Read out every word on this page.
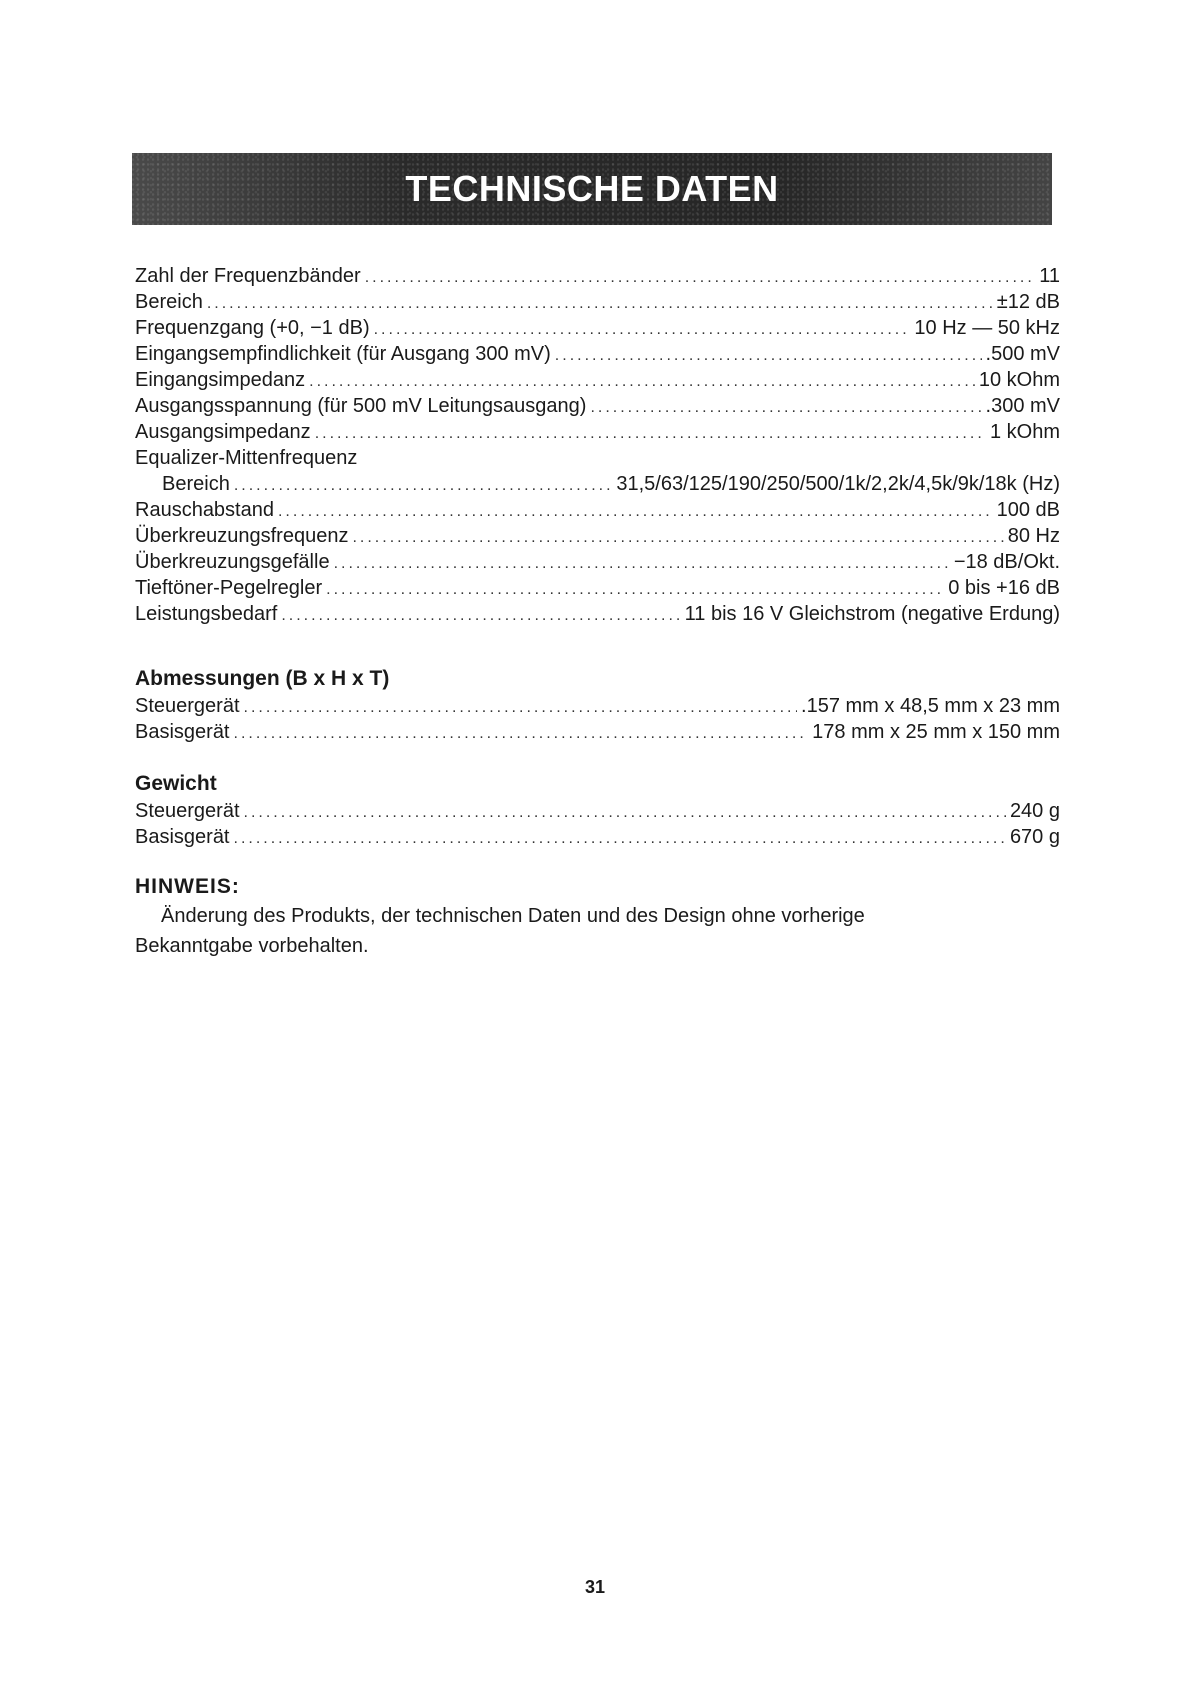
TECHNISCHE DATEN
Zahl der Frequenzbänder .....	11
Bereich .....	±12 dB
Frequenzgang (+0, −1 dB) .....	10 Hz — 50 kHz
Eingangsempfindlichkeit (für Ausgang 300 mV) .....	.500 mV
Eingangsimpedanz .....	10 kOhm
Ausgangsspannung (für 500 mV Leitungsausgang) .....	.300 mV
Ausgangsimpedanz .....	1 kOhm
Equalizer-Mittenfrequenz
Bereich .....	31,5/63/125/190/250/500/1k/2,2k/4,5k/9k/18k (Hz)
Rauschabstand .....	100 dB
Überkreuzungsfrequenz .....	80 Hz
Überkreuzungsgefälle .....	−18 dB/Okt.
Tieftöner-Pegelregler .....	0 bis +16 dB
Leistungsbedarf .....	11 bis 16 V Gleichstrom (negative Erdung)
Abmessungen (B x H x T)
Steuergerät .....	.157 mm x 48,5 mm x 23 mm
Basisgerät .....	178 mm x 25 mm x 150 mm
Gewicht
Steuergerät .....	240 g
Basisgerät .....	670 g
HINWEIS:
Änderung des Produkts, der technischen Daten und des Design ohne vorherige
Bekanntgabe vorbehalten.
31
